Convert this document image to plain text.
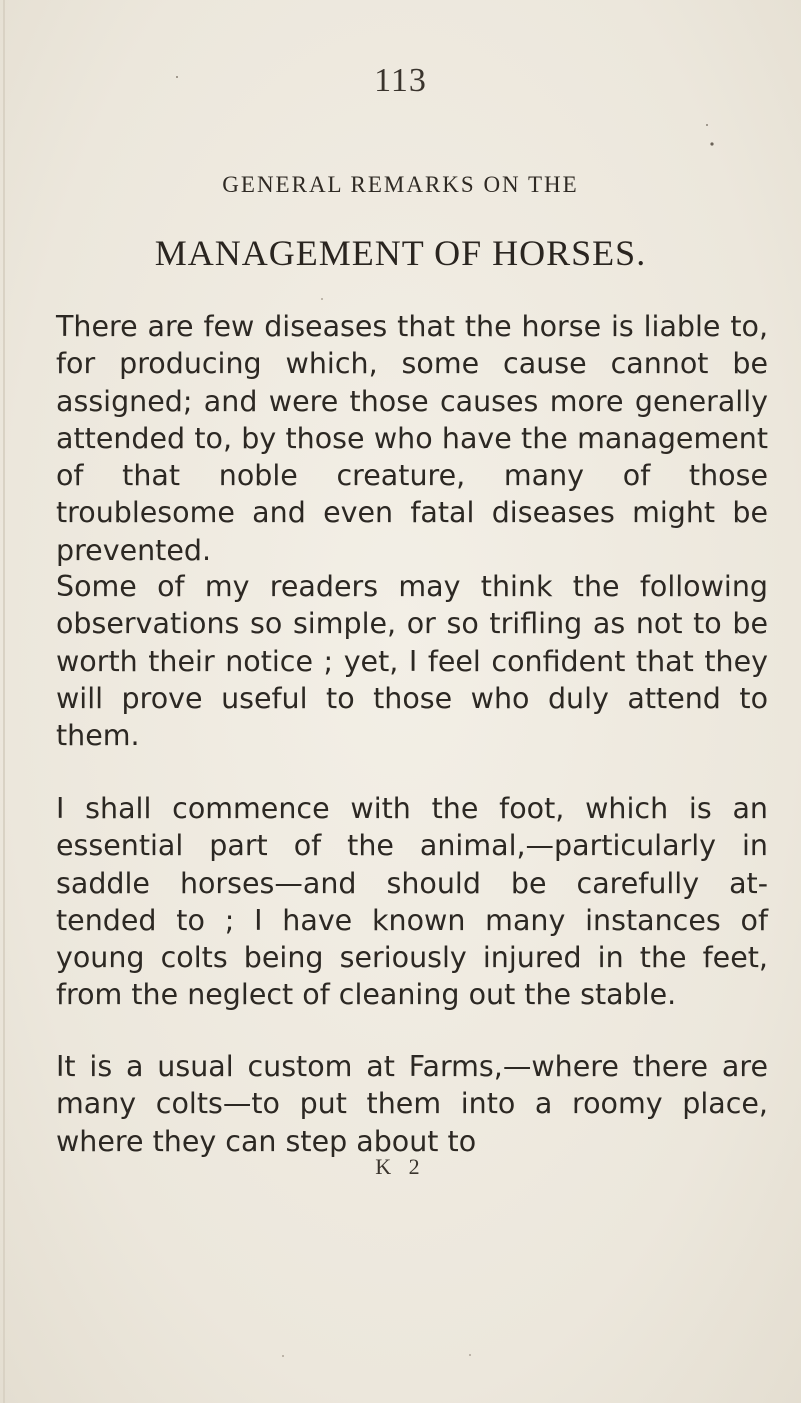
113
GENERAL REMARKS ON THE
MANAGEMENT OF HORSES.

There are few diseases that the horse is liable to, for producing which, some cause cannot be assigned; and were those causes more generally attended to, by those who have the management of that noble creature, many of those troublesome and even fatal diseases might be prevented.

Some of my readers may think the following observations so simple, or so trifling as not to be worth their notice ; yet, I feel confident that they will prove useful to those who duly attend to them.

I shall commence with the foot, which is an essential part of the animal,—particularly in saddle horses—and should be carefully at- tended to ; I have known many instances of young colts being seriously injured in the feet, from the neglect of cleaning out the stable.

It is a usual custom at Farms,—where there are many colts—to put them into a roomy place, where they can step about to

K 2
